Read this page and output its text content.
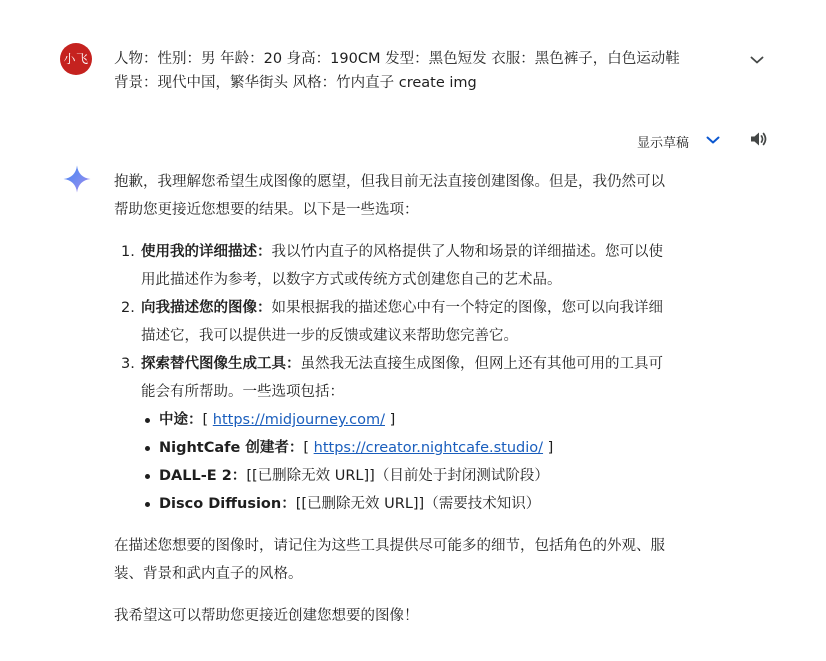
小飞 人物：性别：男 年龄：20 身高：190CM 发型：黑色短发 衣服：黑色裤子，白色运动鞋
背景：现代中国，繁华街头 风格：竹内直子 create img
显示草稿

抱歉，我理解您希望生成图像的愿望，但我目前无法直接创建图像。但是，我仍然可以
帮助您更接近您想要的结果。以下是一些选项：

1. 使用我的详细描述：我以竹内直子的风格提供了人物和场景的详细描述。您可以使
用此描述作为参考，以数字方式或传统方式创建您自己的艺术品。
2. 向我描述您的图像：如果根据我的描述您心中有一个特定的图像，您可以向我详细
描述它，我可以提供进一步的反馈或建议来帮助您完善它。
3. 探索替代图像生成工具：虽然我无法直接生成图像，但网上还有其他可用的工具可
能会有所帮助。一些选项包括：
中途：[ https://midjourney.com/ ]
NightCafe 创建者：[ https://creator.nightcafe.studio/ ]
DALL-E 2：[[已删除无效 URL]]（目前处于封闭测试阶段）
Disco Diffusion：[[已删除无效 URL]]（需要技术知识）

在描述您想要的图像时，请记住为这些工具提供尽可能多的细节，包括角色的外观、服
装、背景和武内直子的风格。

我希望这可以帮助您更接近创建您想要的图像！
